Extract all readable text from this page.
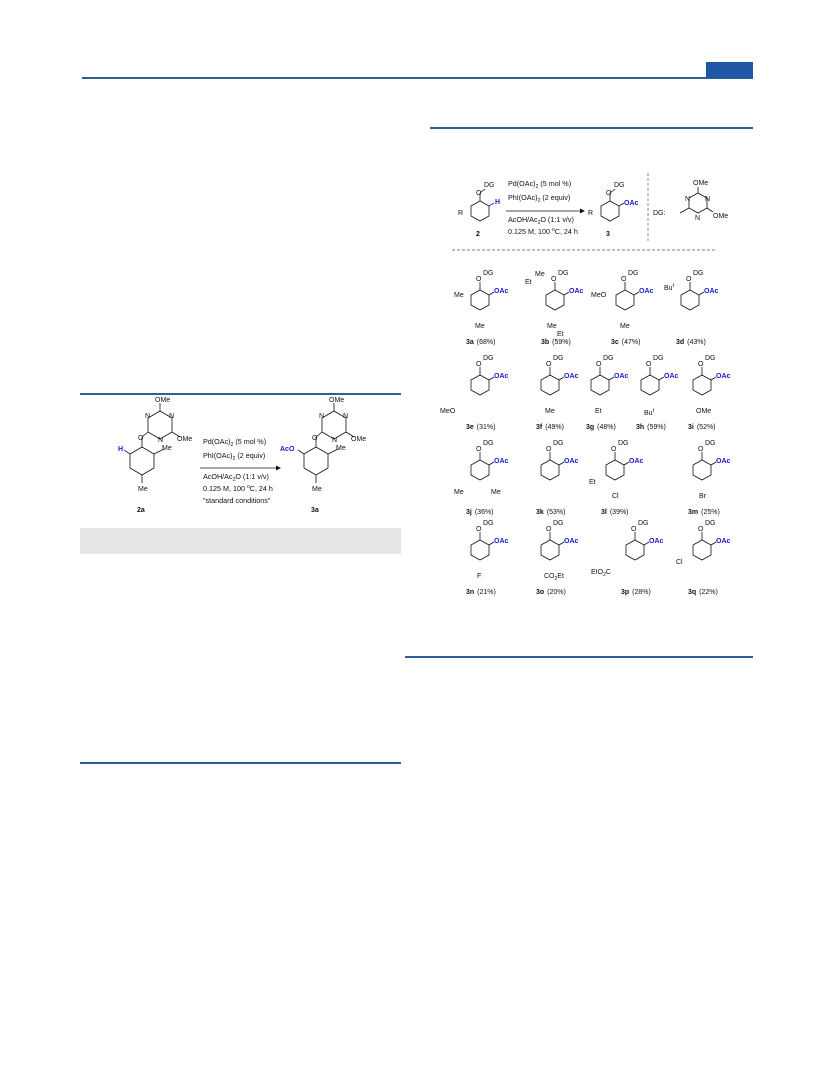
OMe
N	N
N OMe
O
Me
Me
H
2a
$Pd(OAc)_2$ (5 mol %)
$PhI(OAc)_2$ (2 equiv)
AcOH/$Ac_2O$ (1:1 v/v)
0.125 M, 100 $^o$C, 24 h
"standard conditions"
OMe
N	N
N OMe
O
Me
Me
AcO
3a
O
DG
H
R
2
$Pd(OAc)_2$ (5 mol %)
$PhI(OAc)_2$ (2 equiv)
AcOH/$Ac_2O$ (1:1 v/v)
0.125 M, 100 $^o$C, 24 h
O
DG
OAc
R
3
DG:
OMe
N N
N OMe
O
DG
OAc
Me
Me
3a (68%)
O
DG
OAc
Et
Me
Me
Et
3b (59%)
O
DG
OAc
MeO
Me
3c (47%)
O
DG
OAc
Bu$^t$
3d (43%)
O
DG
OAc
MeO
3e (31%)
O
DG
OAc
Me
3f (49%)
O
DG
OAc
Et
3g (48%)
O
DG
OAc
Bu$^t$
3h (59%)
O
DG
OAc
OMe
3i (52%)
O
DG
OAc
Me	Me
3j (36%)
O
DG
OAc
3k (53%)
O
DG
OAc
Et
Cl
3l (39%)
O
DG
OAc
Br
3m (25%)
O
DG
OAc
F
3n (21%)
O
DG
OAc
$CO_2Et$
3o (20%)
O
DG
OAc
EtO$_2$C
3p (28%)
O
DG
OAc
Cl
3q (22%)
